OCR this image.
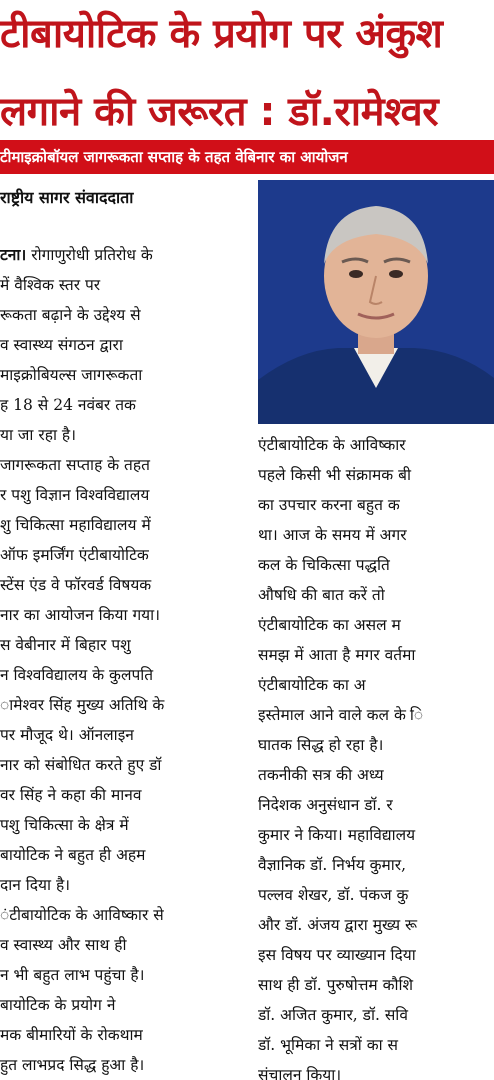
टीबायोटिक के प्रयोग पर अंकुश
लगाने की जरूरत : डॉ.रामेश्वर
टीमाइक्रोबॉयल जागरूकता सप्ताह के तहत वेबिनार का आयोजन
राष्ट्रीय सागर संवाददाता

टना। रोगाणुरोधी प्रतिरोध के

में वैश्विक स्तर पर

रूकता बढ़ाने के उद्देश्य से

व स्वास्थ्य संगठन द्वारा

माइक्रोबियल्स जागरूकता

ह 18 से 24 नवंबर तक

या जा रहा है।

जागरूकता सप्ताह के तहत

र पशु विज्ञान विश्वविद्यालय

शु चिकित्सा महाविद्यालय में

ऑफ इमर्जिंग एंटीबायोटिक

स्टेंस एंड वे फॉरवर्ड विषयक

नार का आयोजन किया गया।

स वेबीनार में बिहार पशु

न विश्वविद्यालय के कुलपति

ामेश्वर सिंह मुख्य अतिथि के

पर मौजूद थे। ऑनलाइन

नार को संबोधित करते हुए डॉ

वर सिंह ने कहा की मानव

पशु चिकित्सा के क्षेत्र में

बायोटिक ने बहुत ही अहम

दान दिया है।

ंटीबायोटिक के आविष्कार से

व स्वास्थ्य और साथ ही

न भी बहुत लाभ पहुंचा है।

बायोटिक के प्रयोग ने

मक बीमारियों के रोकथाम

हुत लाभप्रद सिद्ध हुआ है।

एंटीबायोटिक के आविष्कार

पहले किसी भी संक्रामक बी

का उपचार करना बहुत क

था। आज के समय में अगर

कल के चिकित्सा पद्धति

औषधि की बात करें तो

एंटीबायोटिक का असल म

समझ में आता है मगर वर्तमा

एंटीबायोटिक का अ

इस्तेमाल आने वाले कल के ि

घातक सिद्ध हो रहा है।

तकनीकी सत्र की अध्य

निदेशक अनुसंधान डॉ. र

कुमार ने किया। महाविद्यालय

वैज्ञानिक डॉ. निर्भय कुमार,

पल्लव शेखर, डॉ. पंकज कु

और डॉ. अंजय द्वारा मुख्य रू

इस विषय पर व्याख्यान दिया

साथ ही डॉ. पुरुषोत्तम कौशि

डॉ. अजित कुमार, डॉ. सवि

डॉ. भूमिका ने सत्रों का स

संचालन किया।
